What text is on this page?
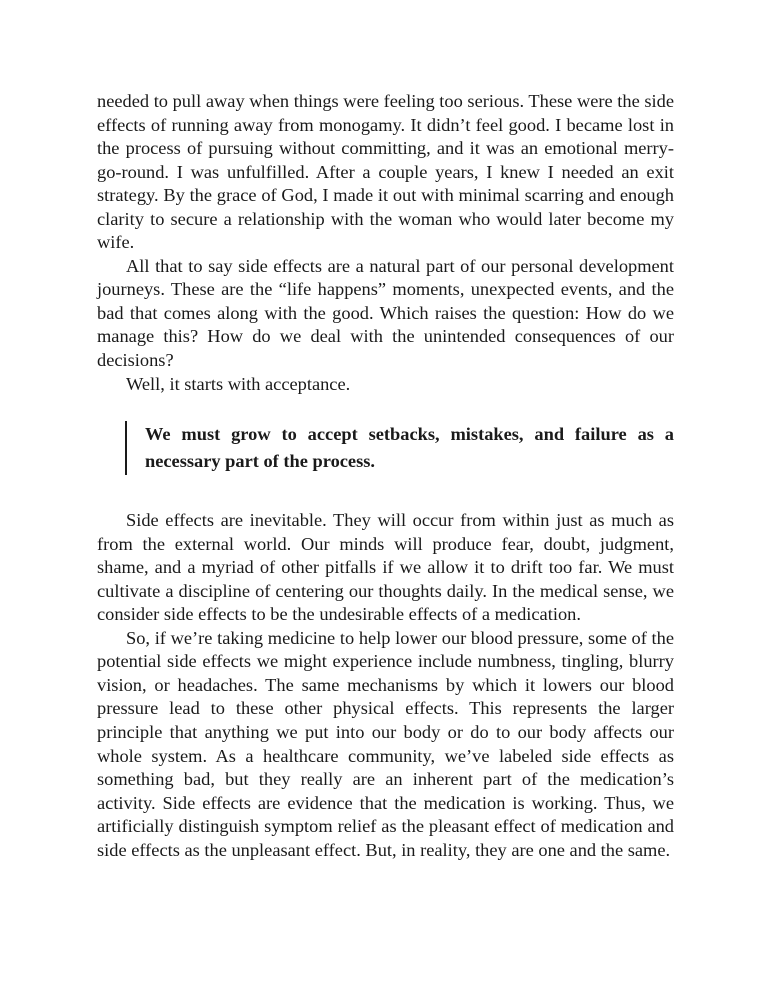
needed to pull away when things were feeling too serious. These were the side effects of running away from monogamy. It didn’t feel good. I became lost in the process of pursuing without committing, and it was an emotional merry-go-round. I was unfulfilled. After a couple years, I knew I needed an exit strategy. By the grace of God, I made it out with minimal scarring and enough clarity to secure a relationship with the woman who would later become my wife.

All that to say side effects are a natural part of our personal development journeys. These are the “life happens” moments, unexpected events, and the bad that comes along with the good. Which raises the question: How do we manage this? How do we deal with the unintended consequences of our decisions?

Well, it starts with acceptance.

We must grow to accept setbacks, mistakes, and failure as a necessary part of the process.

Side effects are inevitable. They will occur from within just as much as from the external world. Our minds will produce fear, doubt, judgment, shame, and a myriad of other pitfalls if we allow it to drift too far. We must cultivate a discipline of centering our thoughts daily. In the medical sense, we consider side effects to be the undesirable effects of a medication.

So, if we’re taking medicine to help lower our blood pressure, some of the potential side effects we might experience include numbness, tingling, blurry vision, or headaches. The same mechanisms by which it lowers our blood pressure lead to these other physical effects. This represents the larger principle that anything we put into our body or do to our body affects our whole system. As a healthcare community, we’ve labeled side effects as something bad, but they really are an inherent part of the medication’s activity. Side effects are evidence that the medication is working. Thus, we artificially distinguish symptom relief as the pleasant effect of medication and side effects as the unpleasant effect. But, in reality, they are one and the same.
